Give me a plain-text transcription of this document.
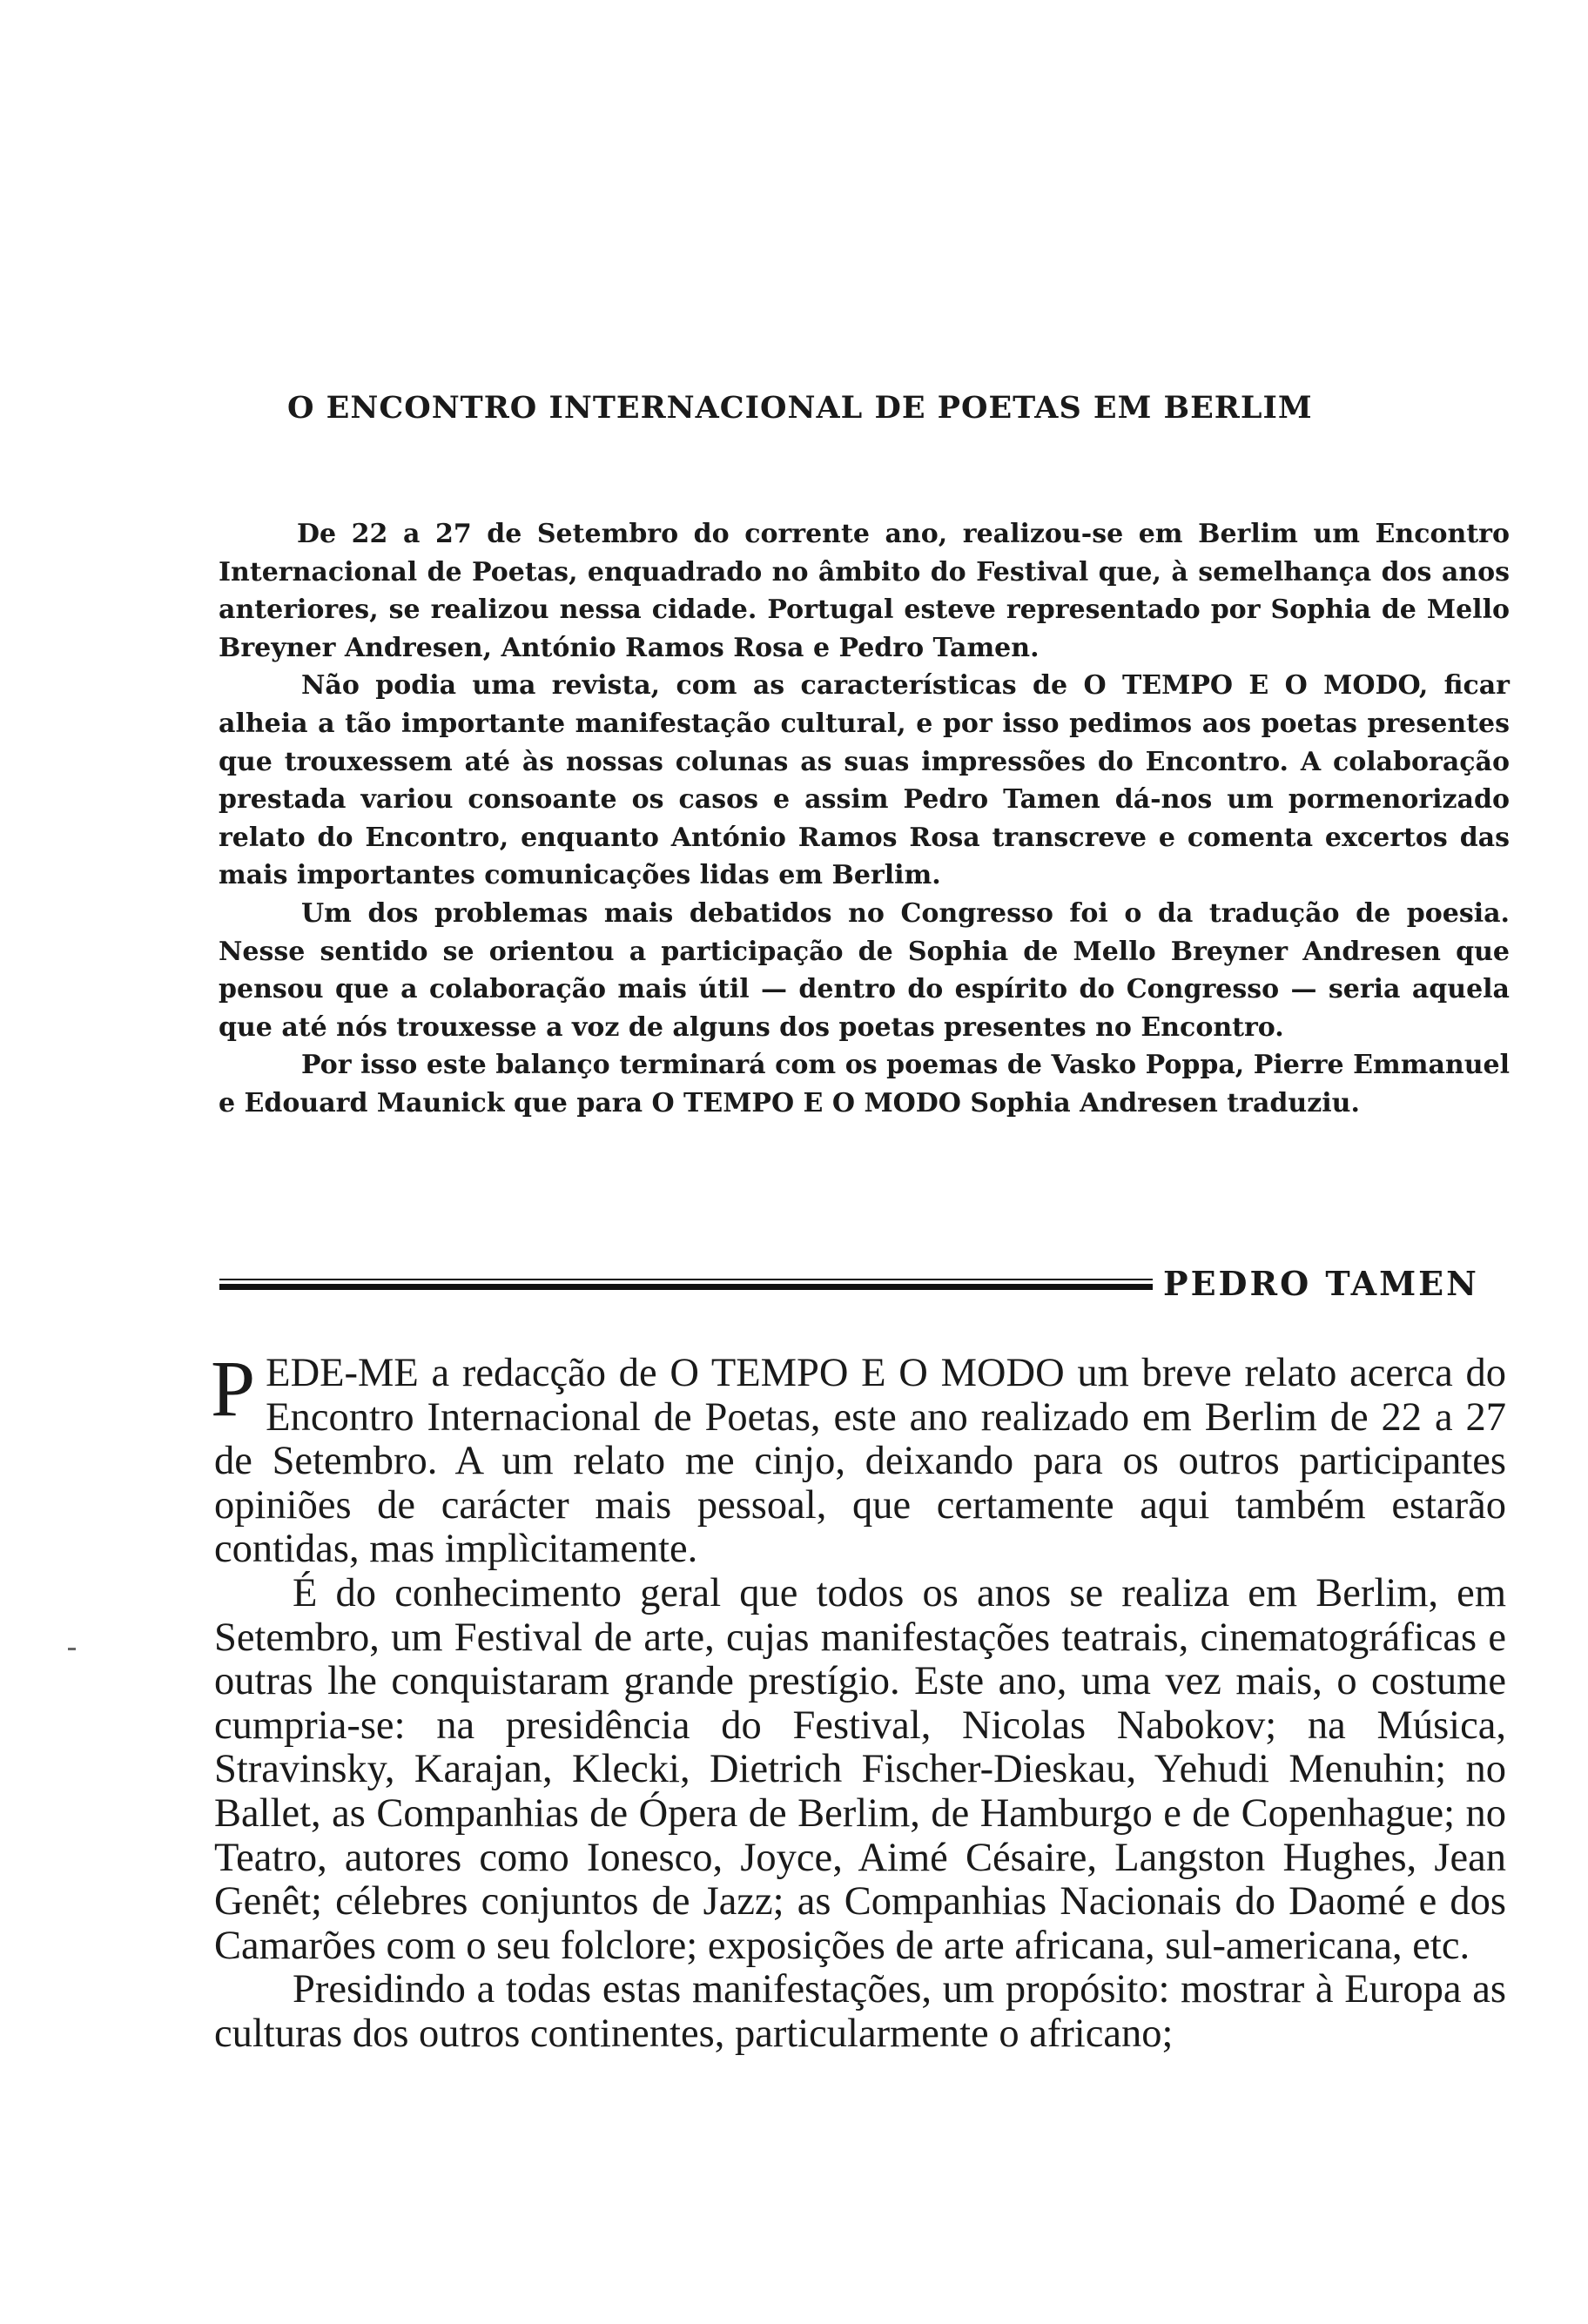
O ENCONTRO INTERNACIONAL DE POETAS EM BERLIM

De 22 a 27 de Setembro do corrente ano, realizou-se em Berlim um Encontro Internacional de Poetas, enquadrado no âmbito do Festival que, à semelhança dos anos anteriores, se realizou nessa cidade. Portugal esteve representado por Sophia de Mello Breyner Andresen, António Ramos Rosa e Pedro Tamen.

Não podia uma revista, com as características de O TEMPO E O MODO, ficar alheia a tão importante manifestação cultural, e por isso pedimos aos poetas presentes que trouxessem até às nossas colunas as suas impressões do Encontro. A colaboração prestada variou consoante os casos e assim Pedro Tamen dá-nos um pormenorizado relato do Encontro, enquanto António Ramos Rosa transcreve e comenta excertos das mais importantes comunicações lidas em Berlim.

Um dos problemas mais debatidos no Congresso foi o da tradução de poesia. Nesse sentido se orientou a participação de Sophia de Mello Breyner Andresen que pensou que a colaboração mais útil — dentro do espírito do Congresso — seria aquela que até nós trouxesse a voz de alguns dos poetas presentes no Encontro.

Por isso este balanço terminará com os poemas de Vasko Poppa, Pierre Emmanuel e Edouard Maunick que para O TEMPO E O MODO Sophia Andresen traduziu.

PEDRO TAMEN

PEDE-ME a redacção de O TEMPO E O MODO um breve relato acerca do Encontro Internacional de Poetas, este ano realizado em Berlim de 22 a 27 de Setembro. A um relato me cinjo, deixando para os outros participantes opiniões de carácter mais pessoal, que certamente aqui também estarão contidas, mas implìcitamente.

É do conhecimento geral que todos os anos se realiza em Berlim, em Setembro, um Festival de arte, cujas manifestações teatrais, cinematográficas e outras lhe conquistaram grande prestígio. Este ano, uma vez mais, o costume cumpria-se: na presidência do Festival, Nicolas Nabokov; na Música, Stravinsky, Karajan, Klecki, Dietrich Fischer-Dieskau, Yehudi Menuhin; no Ballet, as Companhias de Ópera de Berlim, de Hamburgo e de Copenhague; no Teatro, autores como Ionesco, Joyce, Aimé Césaire, Langston Hughes, Jean Genêt; célebres conjuntos de Jazz; as Companhias Nacionais do Daomé e dos Camarões com o seu folclore; exposições de arte africana, sul-americana, etc.

Presidindo a todas estas manifestações, um propósito: mostrar à Europa as culturas dos outros continentes, particularmente o africano;
